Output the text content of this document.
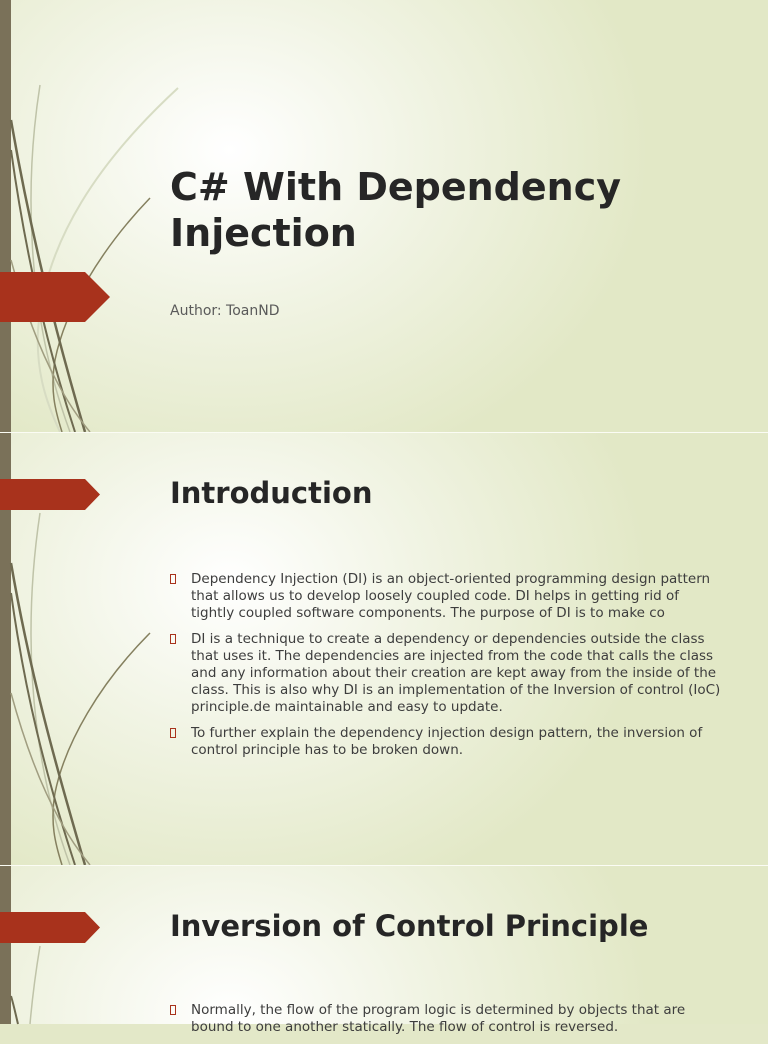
C# With Dependency Injection
Author: ToanND
Introduction
Dependency Injection (DI) is an object-oriented programming design pattern that allows us to develop loosely coupled code. DI helps in getting rid of tightly coupled software components. The purpose of DI is to make co
DI is a technique to create a dependency or dependencies outside the class that uses it. The dependencies are injected from the code that calls the class and any information about their creation are kept away from the inside of the class. This is also why DI is an implementation of the Inversion of control (IoC) principle.de maintainable and easy to update.
To further explain the dependency injection design pattern, the inversion of control principle has to be broken down.
Inversion of Control Principle
Normally, the flow of the program logic is determined by objects that are bound to one another statically. The flow of control is reversed.
